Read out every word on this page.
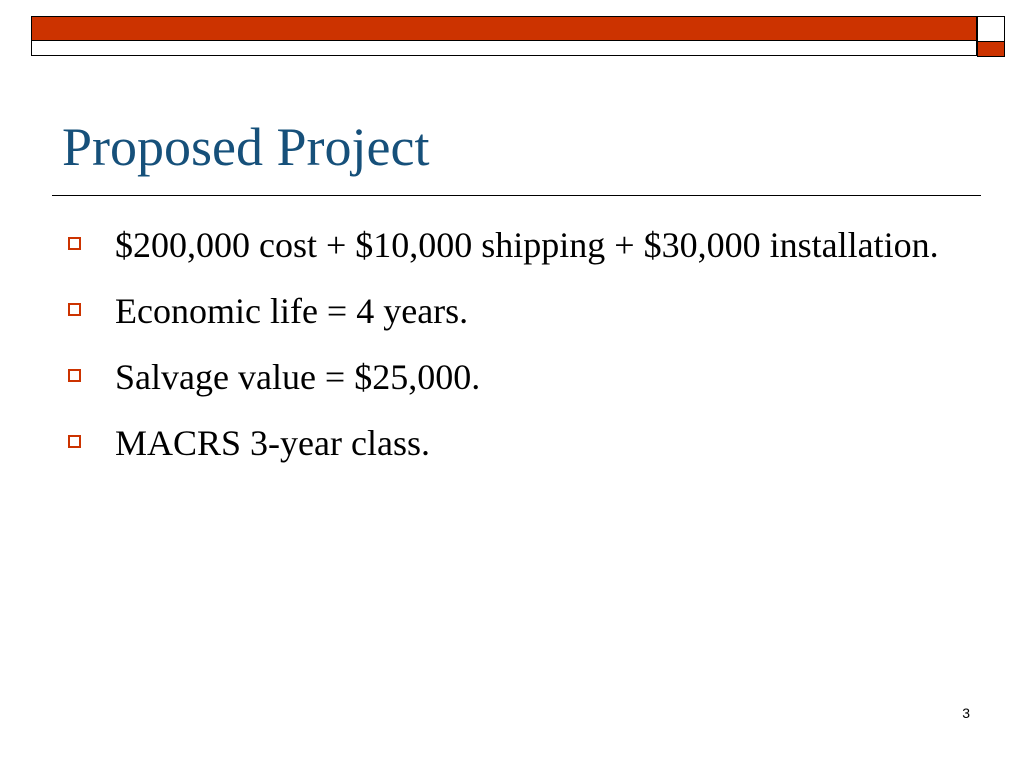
Proposed Project
$200,000 cost + $10,000 shipping + $30,000 installation.
Economic life = 4 years.
Salvage value = $25,000.
MACRS 3-year class.
3
